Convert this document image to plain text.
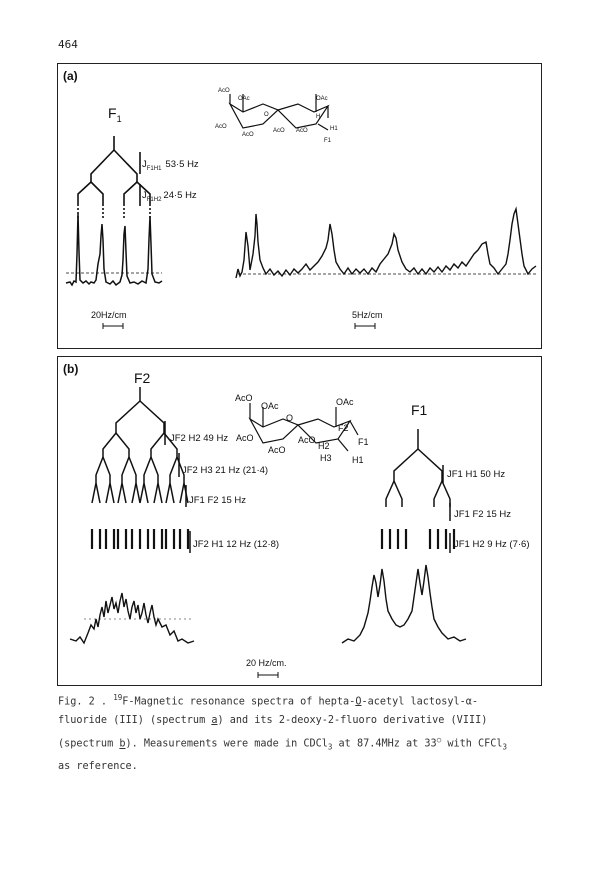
464
(a)
$F_1$
$J_{F1H1}$ 53·5 Hz
$J_{F1H2}$ 24·5 Hz
20Hz/cm	5Hz/cm
AcO
OAc	OAc
AcO
AcO
AcO AcO
O	H
H1
F1
(b)
F2
F1
JF2 H2 49 Hz
JF2 H3 21 Hz (21·4)
JF1 F2 15 Hz
JF2 H1 12 Hz (12·8)
JF1 H1 50 Hz
JF1 F2 15 Hz
JF1 H2 9 Hz (7·6)
AcO
OAc	OAc
AcO
AcO
AcO
O
F2
H2
H3
F1
H1
20 Hz/cm.
Fig. 2 . $^{19}$F-Magnetic resonance spectra of hepta-O-acetyl lactosyl-α-
fluoride (III) (spectrum a) and its 2-deoxy-2-fluoro derivative (VIII)
(spectrum b). Measurements were made in CDCl$_3$ at 87.4MHz at 33○ with CFCl$_3$
as reference.
